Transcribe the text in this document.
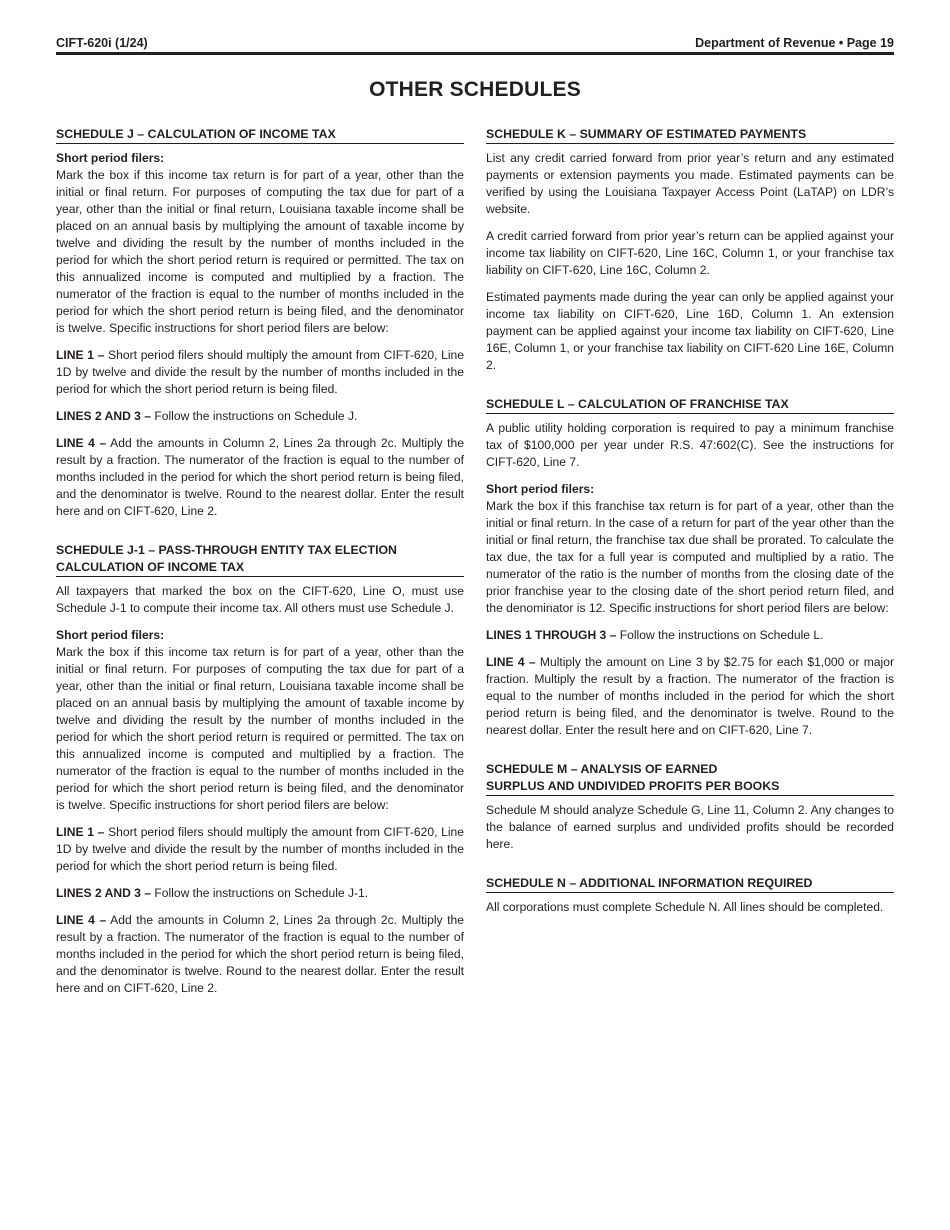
CIFT-620i (1/24)	Department of Revenue • Page 19
OTHER SCHEDULES
SCHEDULE J – CALCULATION OF INCOME TAX
Short period filers:

Mark the box if this income tax return is for part of a year, other than the initial or final return. For purposes of computing the tax due for part of a year, other than the initial or final return, Louisiana taxable income shall be placed on an annual basis by multiplying the amount of taxable income by twelve and dividing the result by the number of months included in the period for which the short period return is required or permitted. The tax on this annualized income is computed and multiplied by a fraction. The numerator of the fraction is equal to the number of months included in the period for which the short period return is being filed, and the denominator is twelve. Specific instructions for short period filers are below:

LINE 1 – Short period filers should multiply the amount from CIFT-620, Line 1D by twelve and divide the result by the number of months included in the period for which the short period return is being filed.

LINES 2 AND 3 – Follow the instructions on Schedule J.

LINE 4 – Add the amounts in Column 2, Lines 2a through 2c. Multiply the result by a fraction. The numerator of the fraction is equal to the number of months included in the period for which the short period return is being filed, and the denominator is twelve. Round to the nearest dollar. Enter the result here and on CIFT-620, Line 2.

SCHEDULE J-1 – PASS-THROUGH ENTITY TAX ELECTION
CALCULATION OF INCOME TAX

All taxpayers that marked the box on the CIFT-620, Line O, must use Schedule J-1 to compute their income tax. All others must use Schedule J.

Short period filers:

Mark the box if this income tax return is for part of a year, other than the initial or final return. For purposes of computing the tax due for part of a year, other than the initial or final return, Louisiana taxable income shall be placed on an annual basis by multiplying the amount of taxable income by twelve and dividing the result by the number of months included in the period for which the short period return is required or permitted. The tax on this annualized income is computed and multiplied by a fraction. The numerator of the fraction is equal to the number of months included in the period for which the short period return is being filed, and the denominator is twelve. Specific instructions for short period filers are below:

LINE 1 – Short period filers should multiply the amount from CIFT-620, Line 1D by twelve and divide the result by the number of months included in the period for which the short period return is being filed.

LINES 2 AND 3 – Follow the instructions on Schedule J-1.

LINE 4 – Add the amounts in Column 2, Lines 2a through 2c. Multiply the result by a fraction. The numerator of the fraction is equal to the number of months included in the period for which the short period return is being filed, and the denominator is twelve. Round to the nearest dollar. Enter the result here and on CIFT-620, Line 2.

SCHEDULE K – SUMMARY OF ESTIMATED PAYMENTS

List any credit carried forward from prior year’s return and any estimated payments or extension payments you made. Estimated payments can be verified by using the Louisiana Taxpayer Access Point (LaTAP) on LDR’s website.

A credit carried forward from prior year’s return can be applied against your income tax liability on CIFT-620, Line 16C, Column 1, or your franchise tax liability on CIFT-620, Line 16C, Column 2.

Estimated payments made during the year can only be applied against your income tax liability on CIFT-620, Line 16D, Column 1. An extension payment can be applied against your income tax liability on CIFT-620, Line 16E, Column 1, or your franchise tax liability on CIFT-620 Line 16E, Column 2.

SCHEDULE L – CALCULATION OF FRANCHISE TAX

A public utility holding corporation is required to pay a minimum franchise tax of $100,000 per year under R.S. 47:602(C). See the instructions for CIFT-620, Line 7.

Short period filers:

Mark the box if this franchise tax return is for part of a year, other than the initial or final return. In the case of a return for part of the year other than the initial or final return, the franchise tax due shall be prorated. To calculate the tax due, the tax for a full year is computed and multiplied by a ratio. The numerator of the ratio is the number of months from the closing date of the prior franchise year to the closing date of the short period return filed, and the denominator is 12. Specific instructions for short period filers are below:

LINES 1 THROUGH 3 – Follow the instructions on Schedule L.

LINE 4 – Multiply the amount on Line 3 by $2.75 for each $1,000 or major fraction. Multiply the result by a fraction. The numerator of the fraction is equal to the number of months included in the period for which the short period return is being filed, and the denominator is twelve. Round to the nearest dollar. Enter the result here and on CIFT-620, Line 7.

SCHEDULE M – ANALYSIS OF EARNED
SURPLUS AND UNDIVIDED PROFITS PER BOOKS

Schedule M should analyze Schedule G, Line 11, Column 2. Any changes to the balance of earned surplus and undivided profits should be recorded here.

SCHEDULE N – ADDITIONAL INFORMATION REQUIRED

All corporations must complete Schedule N. All lines should be completed.
